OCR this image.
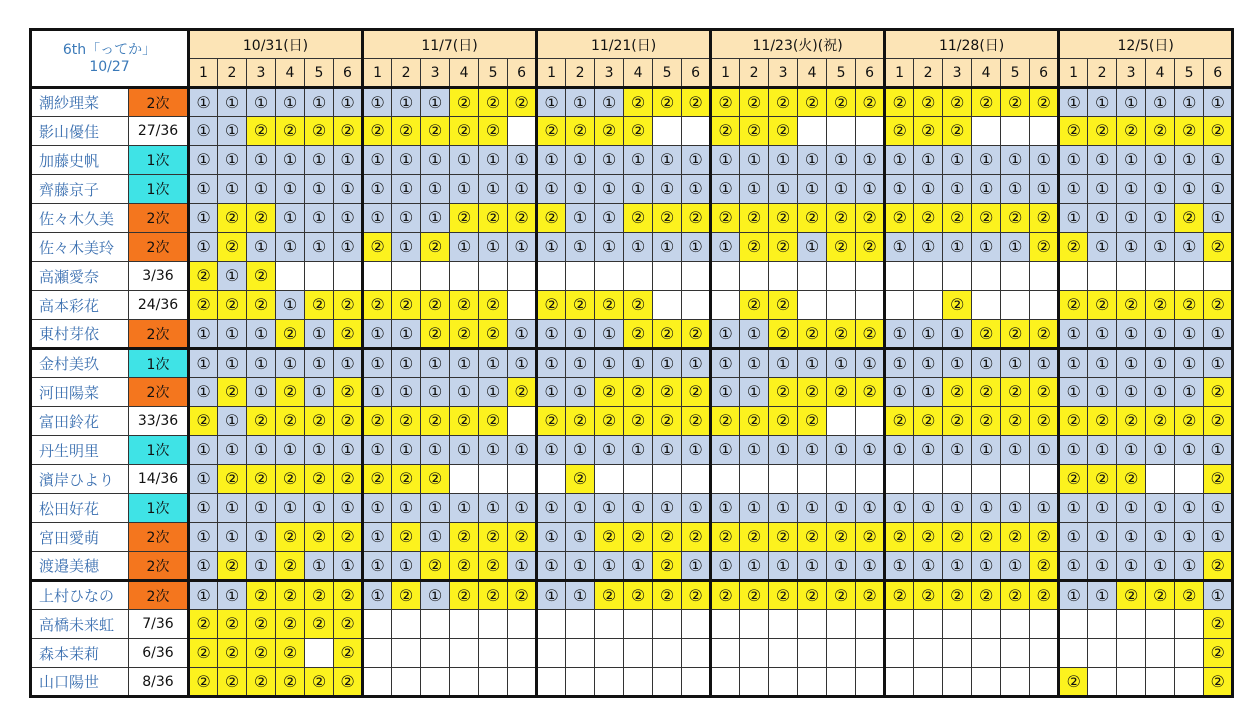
6th「ってか」
10/27		10/31(日)						11/7(日)						11/21(日)						11/23(火)(祝)						11/28(日)						12/5(日)					
		1	2	3	4	5	6	1	2	3	4	5	6	1	2	3	4	5	6	1	2	3	4	5	6	1	2	3	4	5	6	1	2	3	4	5	6
潮紗理菜	2次	①	①	①	①	①	①	①	①	①	②	②	②	①	①	①	②	②	②	②	②	②	②	②	②	②	②	②	②	②	②	①	①	①	①	①	①
影山優佳	27/36	①	①	②	②	②	②	②	②	②	②	②		②	②	②	②			②	②	②				②	②	②				②	②	②	②	②	②
加藤史帆	1次	①	①	①	①	①	①	①	①	①	①	①	①	①	①	①	①	①	①	①	①	①	①	①	①	①	①	①	①	①	①	①	①	①	①	①	①
齊藤京子	1次	①	①	①	①	①	①	①	①	①	①	①	①	①	①	①	①	①	①	①	①	①	①	①	①	①	①	①	①	①	①	①	①	①	①	①	①
佐々木久美	2次	①	②	②	①	①	①	①	①	①	②	②	②	②	①	①	②	②	②	②	②	②	②	②	②	②	②	②	②	②	②	①	①	①	①	②	①
佐々木美玲	2次	①	②	①	①	①	①	②	①	②	①	①	①	①	①	①	①	①	①	①	②	②	①	②	②	①	①	①	①	①	②	②	①	①	①	①	②
高瀬愛奈	3/36	②	①	②																																	
高本彩花	24/36	②	②	②	①	②	②	②	②	②	②	②		②	②	②	②				②	②						②				②	②	②	②	②	②
東村芽依	2次	①	①	①	②	①	②	①	①	②	②	②	①	①	①	①	②	②	②	①	①	②	②	②	②	①	①	①	②	②	②	①	①	①	①	①	①
金村美玖	1次	①	①	①	①	①	①	①	①	①	①	①	①	①	①	①	①	①	①	①	①	①	①	①	①	①	①	①	①	①	①	①	①	①	①	①	①
河田陽菜	2次	①	②	①	②	①	②	①	①	①	①	①	②	①	①	②	②	②	②	①	①	②	②	②	②	①	①	②	②	②	②	①	①	①	①	①	②
富田鈴花	33/36	②	①	②	②	②	②	②	②	②	②	②		②	②	②	②	②	②	②	②	②	②			②	②	②	②	②	②	②	②	②	②	②	②
丹生明里	1次	①	①	①	①	①	①	①	①	①	①	①	①	①	①	①	①	①	①	①	①	①	①	①	①	①	①	①	①	①	①	①	①	①	①	①	①
濱岸ひより	14/36	①	②	②	②	②	②	②	②	②					②																	②	②	②			②
松田好花	1次	①	①	①	①	①	①	①	①	①	①	①	①	①	①	①	①	①	①	①	①	①	①	①	①	①	①	①	①	①	①	①	①	①	①	①	①
宮田愛萌	2次	①	①	①	②	②	②	①	②	①	②	②	②	①	①	②	②	②	②	②	②	②	②	②	②	②	②	②	②	②	②	①	①	①	①	①	①
渡邉美穂	2次	①	②	①	②	①	①	①	①	②	②	②	①	①	①	①	①	②	①	①	①	①	①	①	①	①	①	①	①	①	②	①	①	①	①	①	②
上村ひなの	2次	①	①	②	②	②	②	①	②	①	②	②	②	①	①	②	②	②	②	②	②	②	②	②	②	②	②	②	②	②	②	①	①	②	②	②	①
高橋未来虹	7/36	②	②	②	②	②	②																														②
森本茉莉	6/36	②	②	②	②		②																														②
山口陽世	8/36	②	②	②	②	②	②																									②					②
